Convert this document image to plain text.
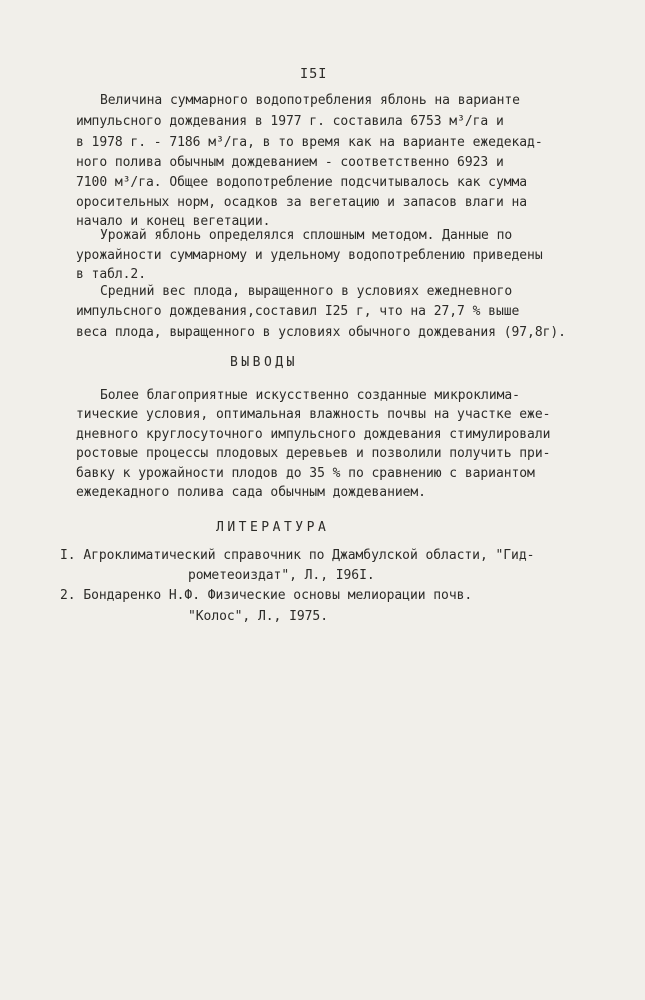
I5I
Величина суммарного водопотребления яблонь на варианте
импульсного дождевания в 1977 г. составила 6753 м³/га и
в 1978 г. - 7186 м³/га, в то время как на варианте ежедекад-
ного полива обычным дождеванием - соответственно 6923 и
7100 м³/га. Общее водопотребление подсчитывалось как сумма
оросительных норм, осадков за вегетацию и запасов влаги на
начало и конец вегетации.
Урожай яблонь определялся сплошным методом. Данные по
урожайности суммарному и удельному водопотреблению приведены
в табл.2.
Средний вес плода, выращенного в условиях ежедневного
импульсного дождевания,составил I25 г, что на 27,7 % выше
веса плода, выращенного в условиях обычного дождевания (97,8г).
ВЫВОДЫ
Более благоприятные искусственно созданные микроклима-
тические условия, оптимальная влажность почвы на участке еже-
дневного круглосуточного импульсного дождевания стимулировали
ростовые процессы плодовых деревьев и позволили получить при-
бавку к урожайности плодов до 35 % по сравнению с вариантом
ежедекадного полива сада обычным дождеванием.
ЛИТЕРАТУРА
I. Агроклиматический справочник по Джамбулской области, "Гид-
рометеоиздат", Л., I96I.
2. Бондаренко Н.Ф. Физические основы мелиорации почв.
"Колос", Л., I975.
